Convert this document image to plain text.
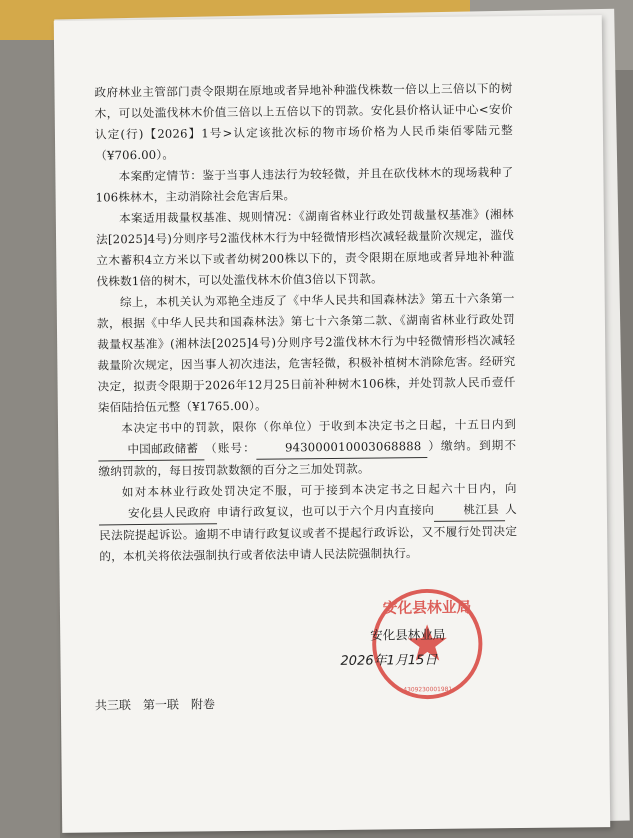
政府林业主管部门责令限期在原地或者异地补种滥伐株数一倍以上三倍以下的树木，可以处滥伐林木价值三倍以上五倍以下的罚款。安化县价格认证中心<安价认定(行)【2026】1号>认定该批次标的物市场价格为人民币柒佰零陆元整（¥706.00）。

本案酌定情节：鉴于当事人违法行为较轻微，并且在砍伐林木的现场栽种了106株林木，主动消除社会危害后果。

本案适用裁量权基准、规则情况：《湖南省林业行政处罚裁量权基准》(湘林法[2025]4号)分则序号2滥伐林木行为中轻微情形档次减轻裁量阶次规定，滥伐立木蓄积4立方米以下或者幼树200株以下的，责令限期在原地或者异地补种滥伐株数1倍的树木，可以处滥伐林木价值3倍以下罚款。

综上，本机关认为邓艳全违反了《中华人民共和国森林法》第五十六条第一款，根据《中华人民共和国森林法》第七十六条第二款、《湖南省林业行政处罚裁量权基准》(湘林法[2025]4号)分则序号2滥伐林木行为中轻微情形档次减轻裁量阶次规定，因当事人初次违法，危害轻微，积极补植树木消除危害。经研究决定，拟责令限期于2026年12月25日前补种树木106株，并处罚款人民币壹仟柒佰陆拾伍元整（¥1765.00）。

本决定书中的罚款，限你（你单位）于收到本决定书之日起，十五日内到中国邮政储蓄 （账号：	943000010003068888 ）缴纳。到期不缴纳罚款的，每日按罚款数额的百分之三加处罚款。

如对本林业行政处罚决定不服，可于接到本决定书之日起六十日内，向安化县人民政府 申请行政复议，也可以于六个月内直接向	桃江县 人民法院提起诉讼。逾期不申请行政复议或者不提起行政诉讼，又不履行处罚决定的，本机关将依法强制执行或者依法申请人民法院强制执行。

安化县林业局
4309230001981
安化县林业局
2026年1月15日
共三联　第一联　附卷
